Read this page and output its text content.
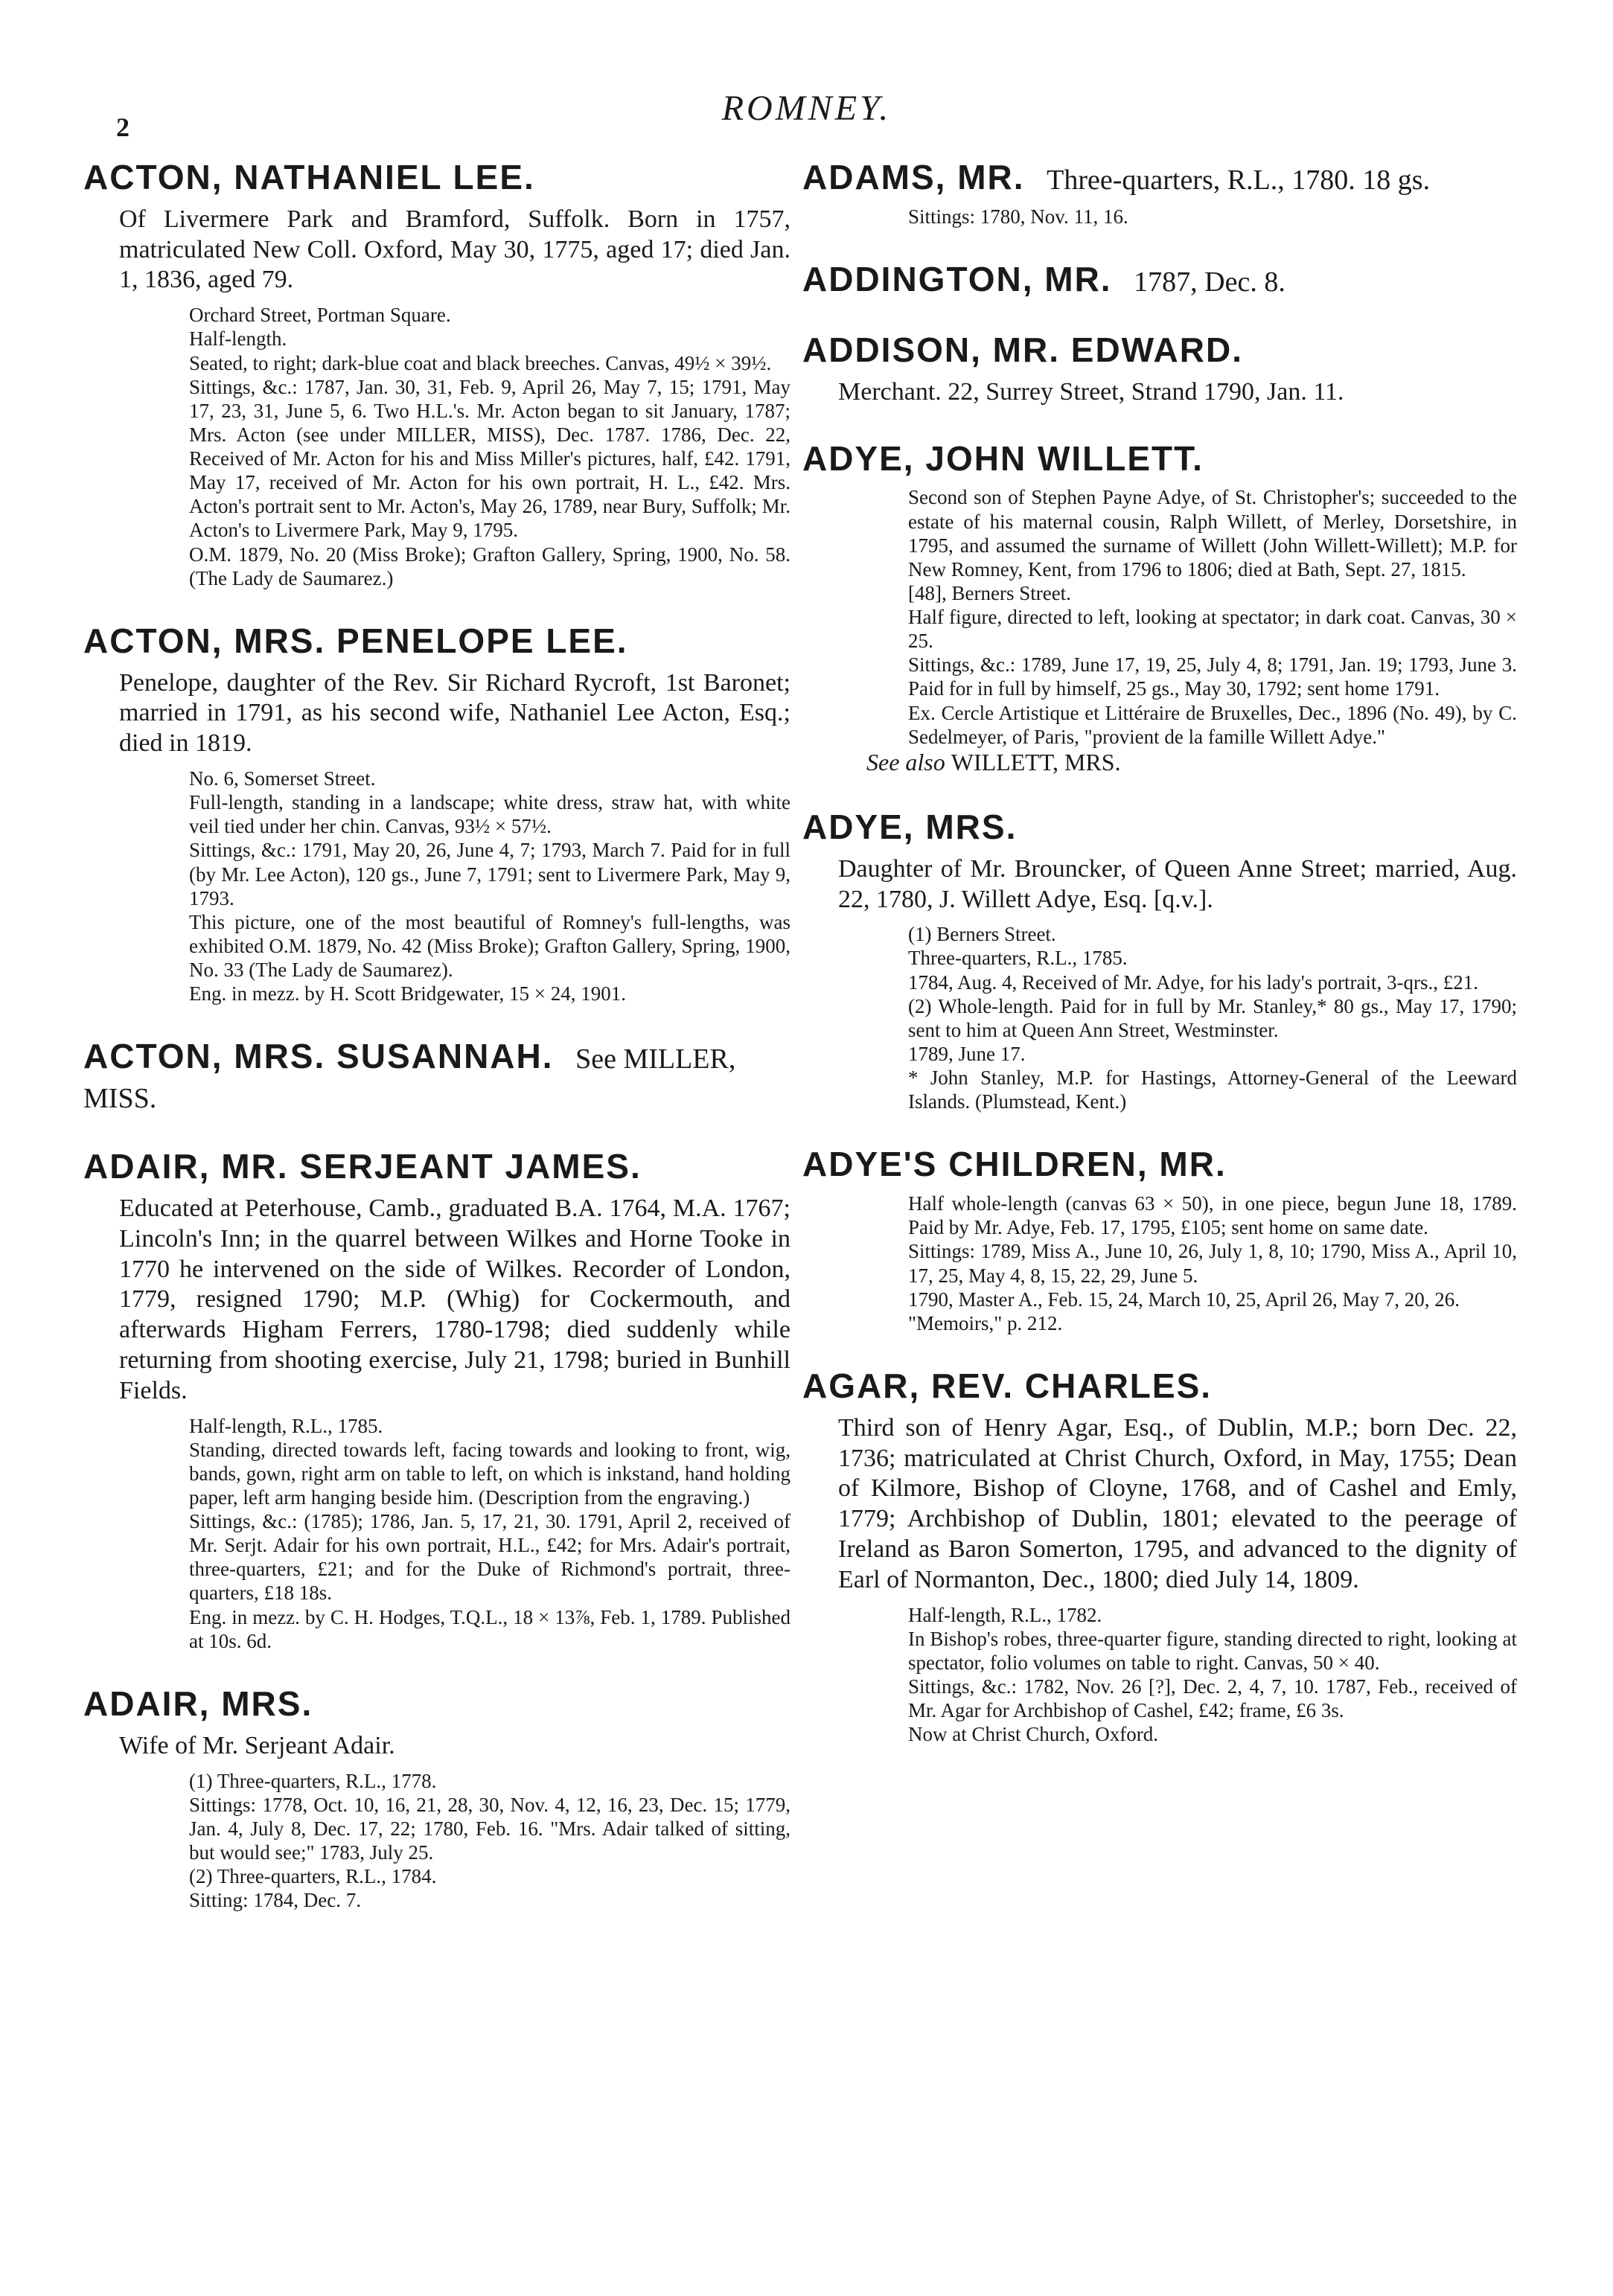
2	ROMNEY.
ACTON, NATHANIEL LEE.
Of Livermere Park and Bramford, Suffolk. Born in 1757, matriculated New Coll. Oxford, May 30, 1775, aged 17; died Jan. 1, 1836, aged 79.

Orchard Street, Portman Square.

Half-length.

Seated, to right; dark-blue coat and black breeches. Canvas, 49½ × 39½.

Sittings, &c.: 1787, Jan. 30, 31, Feb. 9, April 26, May 7, 15; 1791, May 17, 23, 31, June 5, 6. Two H.L.'s. Mr. Acton began to sit January, 1787; Mrs. Acton (see under MILLER, MISS), Dec. 1787. 1786, Dec. 22, Received of Mr. Acton for his and Miss Miller's pictures, half, £42. 1791, May 17, received of Mr. Acton for his own portrait, H. L., £42. Mrs. Acton's portrait sent to Mr. Acton's, May 26, 1789, near Bury, Suffolk; Mr. Acton's to Livermere Park, May 9, 1795.

O.M. 1879, No. 20 (Miss Broke); Grafton Gallery, Spring, 1900, No. 58. (The Lady de Saumarez.)

ACTON, MRS. PENELOPE LEE.
Penelope, daughter of the Rev. Sir Richard Rycroft, 1st Baronet; married in 1791, as his second wife, Nathaniel Lee Acton, Esq.; died in 1819.

No. 6, Somerset Street.

Full-length, standing in a landscape; white dress, straw hat, with white veil tied under her chin. Canvas, 93½ × 57½.

Sittings, &c.: 1791, May 20, 26, June 4, 7; 1793, March 7. Paid for in full (by Mr. Lee Acton), 120 gs., June 7, 1791; sent to Livermere Park, May 9, 1793.

This picture, one of the most beautiful of Romney's full-lengths, was exhibited O.M. 1879, No. 42 (Miss Broke); Grafton Gallery, Spring, 1900, No. 33 (The Lady de Saumarez).

Eng. in mezz. by H. Scott Bridgewater, 15 × 24, 1901.

ACTON, MRS. SUSANNAH. See MILLER, MISS.
ADAIR, MR. SERJEANT JAMES.
Educated at Peterhouse, Camb., graduated B.A. 1764, M.A. 1767; Lincoln's Inn; in the quarrel between Wilkes and Horne Tooke in 1770 he intervened on the side of Wilkes. Recorder of London, 1779, resigned 1790; M.P. (Whig) for Cockermouth, and afterwards Higham Ferrers, 1780-1798; died suddenly while returning from shooting exercise, July 21, 1798; buried in Bunhill Fields.

Half-length, R.L., 1785.

Standing, directed towards left, facing towards and looking to front, wig, bands, gown, right arm on table to left, on which is inkstand, hand holding paper, left arm hanging beside him. (Description from the engraving.)

Sittings, &c.: (1785); 1786, Jan. 5, 17, 21, 30. 1791, April 2, received of Mr. Serjt. Adair for his own portrait, H.L., £42; for Mrs. Adair's portrait, three-quarters, £21; and for the Duke of Richmond's portrait, three-quarters, £18 18s.

Eng. in mezz. by C. H. Hodges, T.Q.L., 18 × 13⅞, Feb. 1, 1789. Published at 10s. 6d.

ADAIR, MRS.
Wife of Mr. Serjeant Adair.

(1) Three-quarters, R.L., 1778.

Sittings: 1778, Oct. 10, 16, 21, 28, 30, Nov. 4, 12, 16, 23, Dec. 15; 1779, Jan. 4, July 8, Dec. 17, 22; 1780, Feb. 16. "Mrs. Adair talked of sitting, but would see;" 1783, July 25.

(2) Three-quarters, R.L., 1784.

Sitting: 1784, Dec. 7.

ADAMS, MR. Three-quarters, R.L., 1780. 18 gs.

Sittings: 1780, Nov. 11, 16.

ADDINGTON, MR. 1787, Dec. 8.
ADDISON, MR. EDWARD.
Merchant. 22, Surrey Street, Strand 1790, Jan. 11.
ADYE, JOHN WILLETT.

Second son of Stephen Payne Adye, of St. Christopher's; succeeded to the estate of his maternal cousin, Ralph Willett, of Merley, Dorsetshire, in 1795, and assumed the surname of Willett (John Willett-Willett); M.P. for New Romney, Kent, from 1796 to 1806; died at Bath, Sept. 27, 1815.

[48], Berners Street.

Half figure, directed to left, looking at spectator; in dark coat. Canvas, 30 × 25.

Sittings, &c.: 1789, June 17, 19, 25, July 4, 8; 1791, Jan. 19; 1793, June 3. Paid for in full by himself, 25 gs., May 30, 1792; sent home 1791.

Ex. Cercle Artistique et Littéraire de Bruxelles, Dec., 1896 (No. 49), by C. Sedelmeyer, of Paris, "provient de la famille Willett Adye."

See also WILLETT, MRS.
ADYE, MRS.
Daughter of Mr. Brouncker, of Queen Anne Street; married, Aug. 22, 1780, J. Willett Adye, Esq. [q.v.].

(1) Berners Street.

Three-quarters, R.L., 1785.

1784, Aug. 4, Received of Mr. Adye, for his lady's portrait, 3-qrs., £21.

(2) Whole-length. Paid for in full by Mr. Stanley,* 80 gs., May 17, 1790; sent to him at Queen Ann Street, Westminster.

1789, June 17.

* John Stanley, M.P. for Hastings, Attorney-General of the Leeward Islands. (Plumstead, Kent.)

ADYE'S CHILDREN, MR.

Half whole-length (canvas 63 × 50), in one piece, begun June 18, 1789. Paid by Mr. Adye, Feb. 17, 1795, £105; sent home on same date.

Sittings: 1789, Miss A., June 10, 26, July 1, 8, 10; 1790, Miss A., April 10, 17, 25, May 4, 8, 15, 22, 29, June 5.

1790, Master A., Feb. 15, 24, March 10, 25, April 26, May 7, 20, 26.

"Memoirs," p. 212.

AGAR, REV. CHARLES.
Third son of Henry Agar, Esq., of Dublin, M.P.; born Dec. 22, 1736; matriculated at Christ Church, Oxford, in May, 1755; Dean of Kilmore, Bishop of Cloyne, 1768, and of Cashel and Emly, 1779; Archbishop of Dublin, 1801; elevated to the peerage of Ireland as Baron Somerton, 1795, and advanced to the dignity of Earl of Normanton, Dec., 1800; died July 14, 1809.

Half-length, R.L., 1782.

In Bishop's robes, three-quarter figure, standing directed to right, looking at spectator, folio volumes on table to right. Canvas, 50 × 40.

Sittings, &c.: 1782, Nov. 26 [?], Dec. 2, 4, 7, 10. 1787, Feb., received of Mr. Agar for Archbishop of Cashel, £42; frame, £6 3s.

Now at Christ Church, Oxford.
